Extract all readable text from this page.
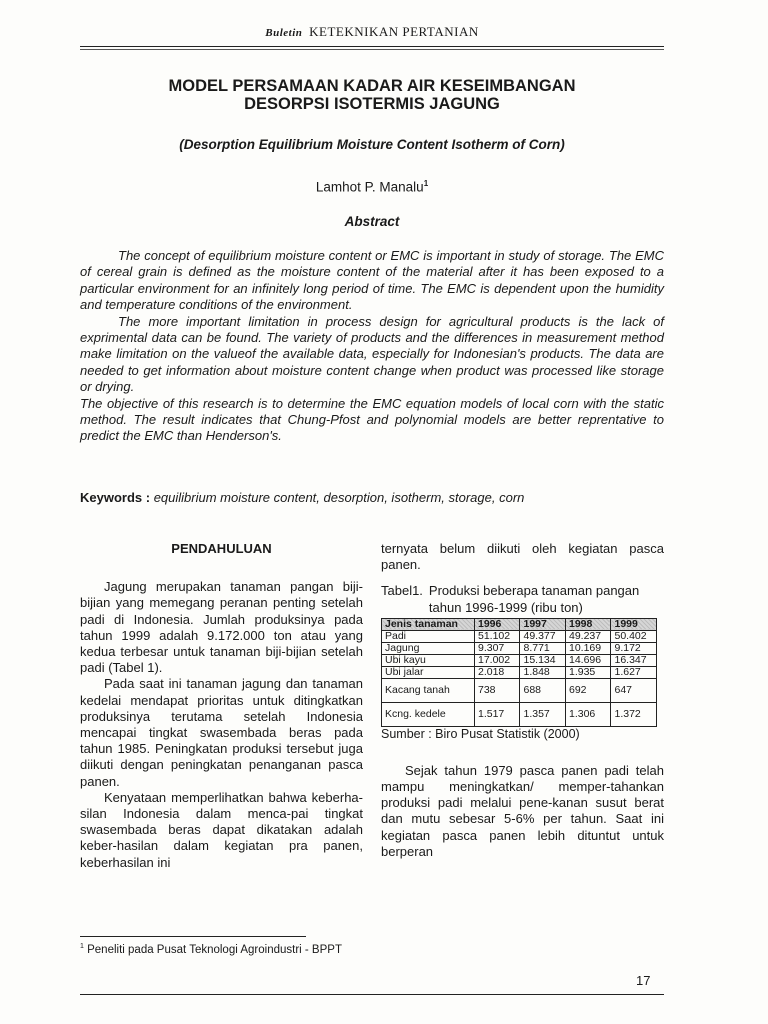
Buletin KETEKNIKAN PERTANIAN
MODEL PERSAMAAN KADAR AIR KESEIMBANGAN
DESORPSI ISOTERMIS JAGUNG
(Desorption Equilibrium Moisture Content Isotherm of Corn)
Lamhot P. Manalu$^1$
Abstract

The concept of equilibrium moisture content or EMC is important in study of storage. The EMC of cereal grain is defined as the moisture content of the material after it has been exposed to a particular environment for an infinitely long period of time. The EMC is dependent upon the humidity and temperature conditions of the environment.

The more important limitation in process design for agricultural products is the lack of exprimental data can be found. The variety of products and the differences in measurement method make limitation on the valueof the available data, especially for Indonesian's products. The data are needed to get information about moisture content change when product was processed like storage or drying.

The objective of this research is to determine the EMC equation models of local corn with the static method. The result indicates that Chung-Pfost and polynomial models are better reprentative to predict the EMC than Henderson's.

Keywords : equilibrium moisture content, desorption, isotherm, storage, corn
PENDAHULUAN

Jagung merupakan tanaman pangan biji-bijian yang memegang peranan penting setelah padi di Indonesia. Jumlah produksinya pada tahun 1999 adalah 9.172.000 ton atau yang kedua terbesar untuk tanaman biji-bijian setelah padi (Tabel 1).

Pada saat ini tanaman jagung dan tanaman kedelai mendapat prioritas untuk ditingkatkan produksinya terutama setelah Indonesia mencapai tingkat swasembada beras pada tahun 1985. Peningkatan produksi tersebut juga diikuti dengan peningkatan penanganan pasca panen.

Kenyataan memperlihatkan bahwa keberha-silan Indonesia dalam menca-pai tingkat swasembada beras dapat dikatakan adalah keber-hasilan dalam kegiatan pra panen, keberhasilan ini

ternyata belum diikuti oleh kegiatan pasca panen.

Tabel1. Produksi beberapa tanaman pangan tahun 1996-1999 (ribu ton)
Jenis tanaman	1996	1997	1998	1999
Padi	51.102	49.377	49.237	50.402
Jagung	9.307	8.771	10.169	9.172
Ubi kayu	17.002	15.134	14.696	16.347
Ubi jalar	2.018	1.848	1.935	1.627
Kacang tanah	738	688	692	647
Kcng. kedele	1.517	1.357	1.306	1.372
Sumber : Biro Pusat Statistik (2000)

Sejak tahun 1979 pasca panen padi telah mampu meningkatkan/ memper-tahankan produksi padi melalui pene-kanan susut berat dan mutu sebesar 5-6% per tahun. Saat ini kegiatan pasca panen lebih dituntut untuk berperan

$^1$ Peneliti pada Pusat Teknologi Agroindustri - BPPT
17
